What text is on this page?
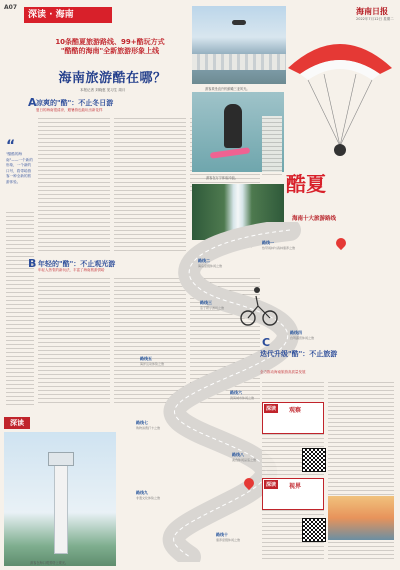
A07
深读 · 海南	海南日报
2022年7月12日 星期二
10条酷夏旅游路线、99+酷玩方式
"酷酷的海南"全新旅游形象上线
海南旅游酷在哪？
本报记者 刘晓惠 见习生 周月
“
"酷酷的海南"——一个新的形象，一个新的口号，将带给游客一种全新的旅游体验。
深读
A 凉爽的"酷"：不止冬日游
夏日的海南很清凉，避暑游也能玩出新花样
B 年轻的"酷"：不止观光游
年轻人热衷的新玩法，丰富了海南旅游供给
游客乘坐直升机俯瞰三亚风光。
游客在万宁体验冲浪。
保亭呀诺达雨林文化旅游区瀑布景观。
酷夏
海南十大旅游路线
路线一
热带雨林与森林康养之旅
路线二
海岛度假休闲之旅
路线三
亲子研学游玩之旅
路线四
自驾露营休闲之旅
路线五
海洋运动体验之旅
路线六
滨海城市休闲之旅
路线七
购物消费打卡之旅
路线八
美食休闲品鉴之旅
路线九
非遗文化体验之旅
路线十
康养度假休闲之旅
游客在海口观景塔上观光。
C
迭代升级"酷"：不止旅游
全力推动海南旅游高质量发展
深读	观察
深读	视界
